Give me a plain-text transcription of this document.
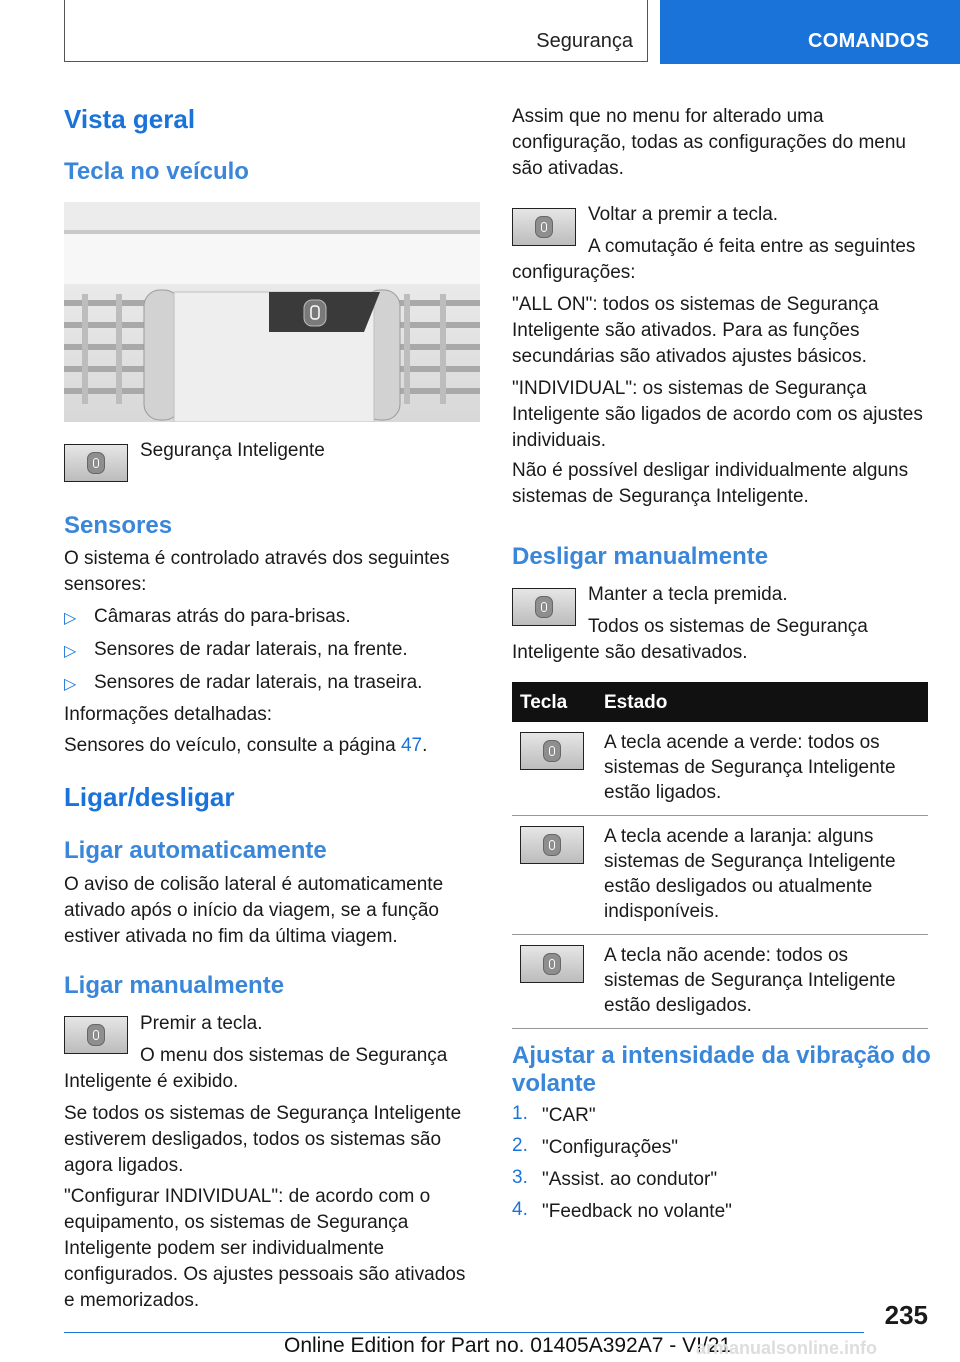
Segurança	COMANDOS
Vista geral
Tecla no veículo

Segurança Inteligente

Sensores

O sistema é controlado através dos seguintes sensores:

▷ Câmaras atrás do para-brisas.

▷ Sensores de radar laterais, na frente.

▷ Sensores de radar laterais, na traseira.

Informações detalhadas:

Sensores do veículo, consulte a página 47.

Ligar/desligar
Ligar automaticamente

O aviso de colisão lateral é automaticamente ativado após o início da viagem, se a função estiver ativada no fim da última viagem.

Ligar manualmente

Premir a tecla.

O menu dos sistemas de Segurança Inteligente é exibido.

Se todos os sistemas de Segurança Inteligente estiverem desligados, todos os sistemas são agora ligados.

"Configurar INDIVIDUAL": de acordo com o equipamento, os sistemas de Segurança Inteligente podem ser individualmente configurados. Os ajustes pessoais são ativados e memorizados.

Assim que no menu for alterado uma configuração, todas as configurações do menu são ativadas.

Voltar a premir a tecla.

A comutação é feita entre as seguintes configurações:

"ALL ON": todos os sistemas de Segurança Inteligente são ativados. Para as funções secundárias são ativados ajustes básicos.

"INDIVIDUAL": os sistemas de Segurança Inteligente são ligados de acordo com os ajustes individuais.

Não é possível desligar individualmente alguns sistemas de Segurança Inteligente.

Desligar manualmente

Manter a tecla premida.

Todos os sistemas de Segurança Inteligente são desativados.

Tecla	Estado

	A tecla acende a verde: todos os sistemas de Segurança Inteligente estão ligados.

	A tecla acende a laranja: alguns sistemas de Segurança Inteligente estão desligados ou atualmente indisponíveis.

	A tecla não acende: todos os sistemas de Segurança Inteligente estão desligados.
Ajustar a intensidade da vibração do volante
1. "CAR"

2. "Configurações"

3. "Assist. ao condutor"

4. "Feedback no volante"

235
Online Edition for Part no. 01405A392A7 - VI/21
armanualsonline.info
